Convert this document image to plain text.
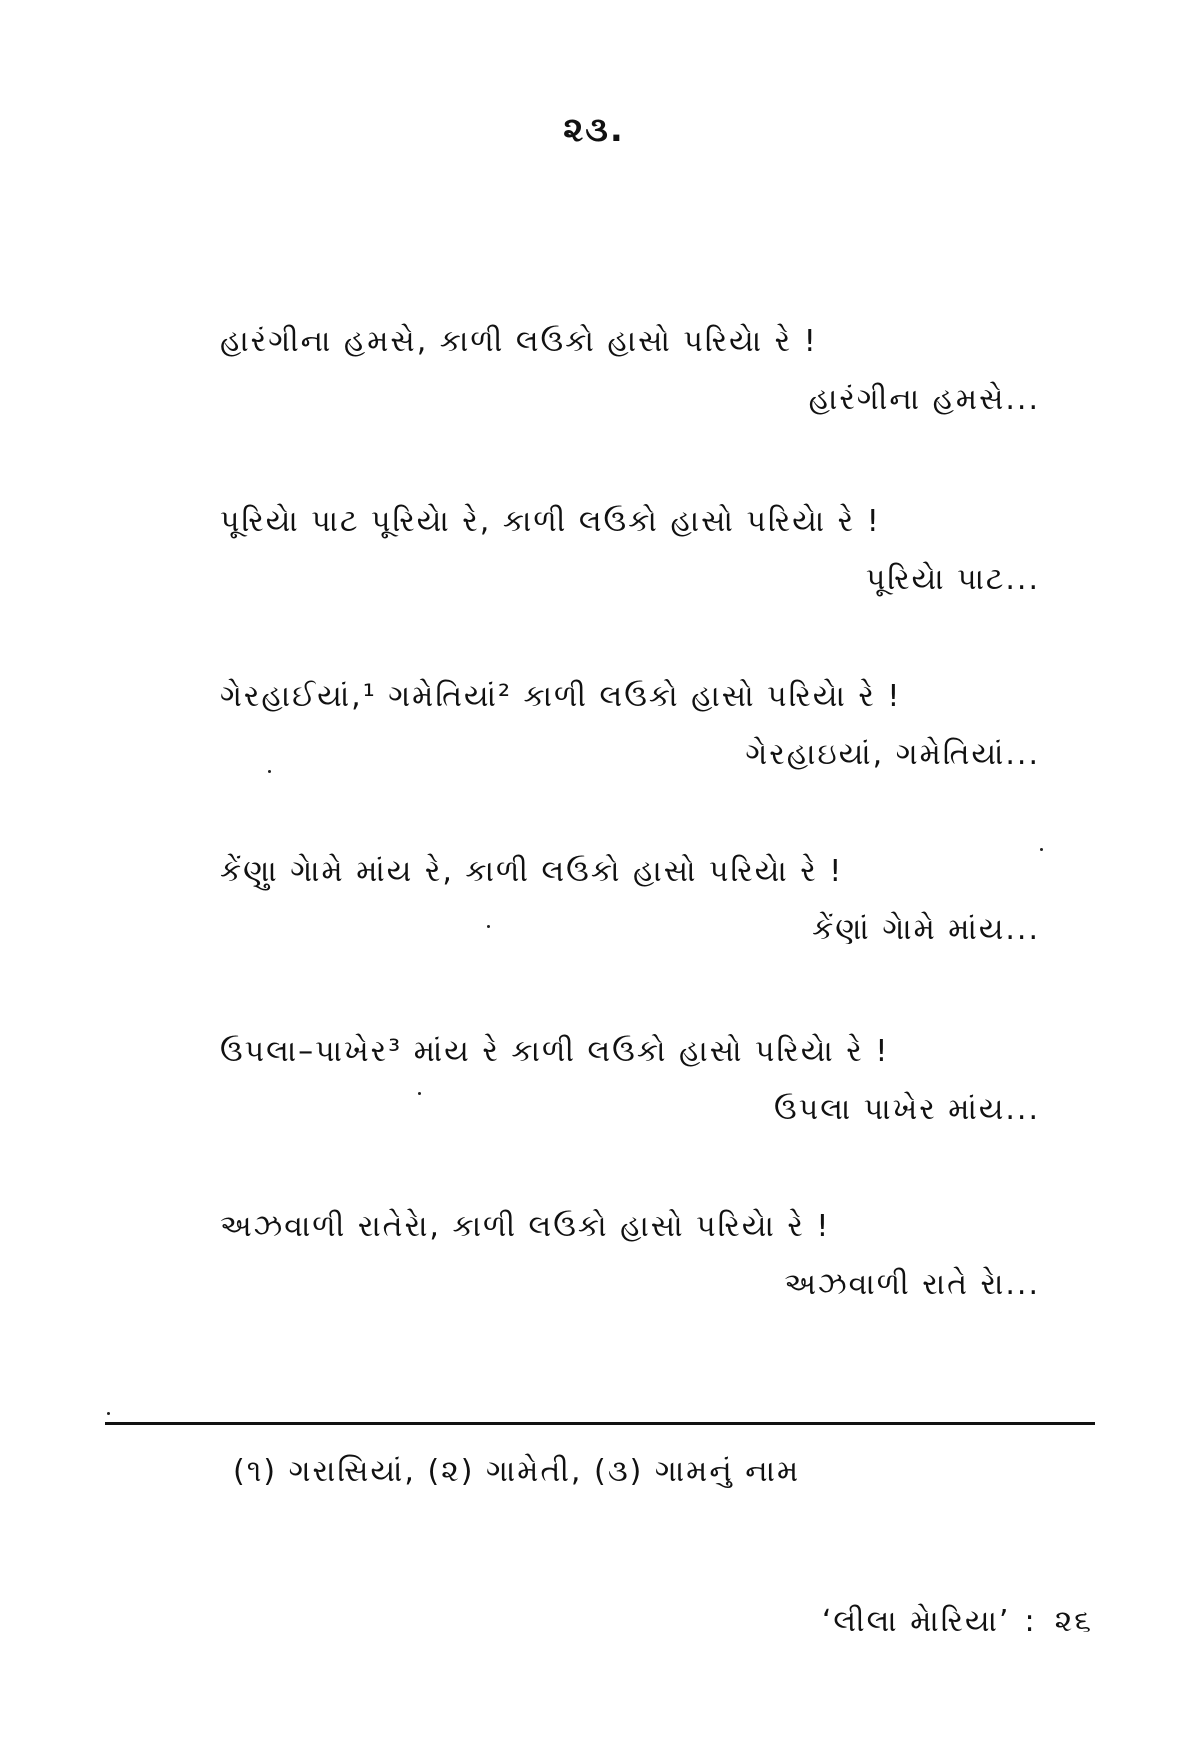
૨૩.
હારંગીના હમસે, કાળી લઉકો હાસો પરિયેા રે !
હારંગીના હમસે...
પૂરિયેા પાટ પૂરિયેા રે, કાળી લઉકો હાસો પરિયેા રે !
પૂરિયેા પાટ...
ગેરહાઈયાં,¹ ગમેતિયાં² કાળી લઉકો હાસો પરિયેા રે !
ગેરહાઇયાં, ગમેતિયાં...
કેંણુા ગેામે માંય રે, કાળી લઉકો હાસો પરિયેા રે !
કેંણાં ગેામે માંય...
ઉપલા–પાખેર³ માંય રે કાળી લઉકો હાસો પરિયેા રે !
ઉપલા પાખેર માંય...
અઝવાળી રાતેરેા, કાળી લઉકો હાસો પરિયેા રે !
અઝવાળી રાતે રેા...
(૧) ગરાસિયાં, (૨) ગામેતી, (૩) ગામનું નામ
‘લીલા મેારિયા’ : ૨૬
